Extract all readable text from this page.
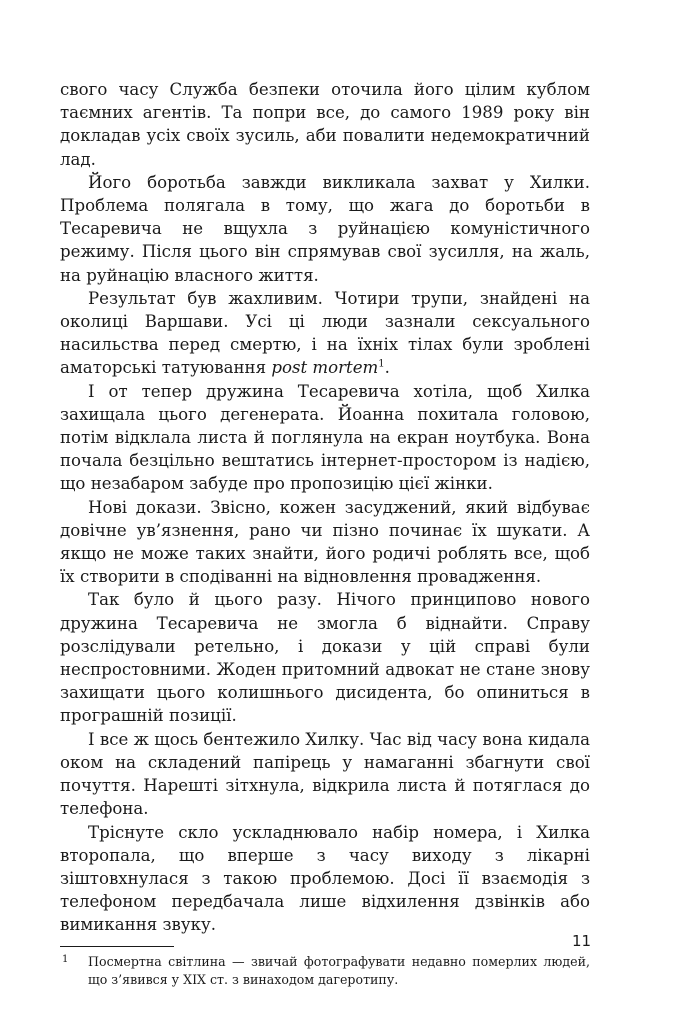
свого часу Служба безпеки оточила його цілим кублом таємних агентів. Та попри все, до самого 1989 року він докладав усіх своїх зусиль, аби повалити недемократичний лад.

Його боротьба завжди викликала захват у Хилки. Проблема полягала в тому, що жага до боротьби в Тесаревича не вщухла з руйнацією комуністичного режиму. Після цього він спрямував свої зусилля, на жаль, на руйнацію власного життя.

Результат був жахливим. Чотири трупи, знайдені на околиці Варшави. Усі ці люди зазнали сексуального насильства перед смертю, і на їхніх тілах були зроблені аматорські татуювання post mortem$^1$.

І от тепер дружина Тесаревича хотіла, щоб Хилка захищала цього дегенерата. Йоанна похитала головою, потім відклала листа й поглянула на екран ноутбука. Вона почала безцільно вештатись інтернет-простором із надією, що незабаром забуде про пропозицію цієї жінки.

Нові докази. Звісно, кожен засуджений, який відбуває довічне ув’язнення, рано чи пізно починає їх шукати. А якщо не може таких знайти, його родичі роблять все, щоб їх створити в сподіванні на відновлення провадження.

Так було й цього разу. Нічого принципово нового дружина Тесаревича не змогла б віднайти. Справу розслідували ретельно, і докази у цій справі були неспростовними. Жоден притомний адвокат не стане знову захищати цього колишнього дисидента, бо опиниться в програшній позиції.

І все ж щось бентежило Хилку. Час від часу вона кидала оком на складений папірець у намаганні збагнути свої почуття. Нарешті зітхнула, відкрила листа й потяглася до телефона.

Тріснуте скло ускладнювало набір номера, і Хилка второпала, що вперше з часу виходу з лікарні зіштовхнулася з такою проблемою. Досі її взаємодія з телефоном передбачала лише відхилення дзвінків або вимикання звуку.

1	Посмертна світлина — звичай фотографувати недавно померлих людей, що з’явився у XIX ст. з винаходом дагеротипу.
11
